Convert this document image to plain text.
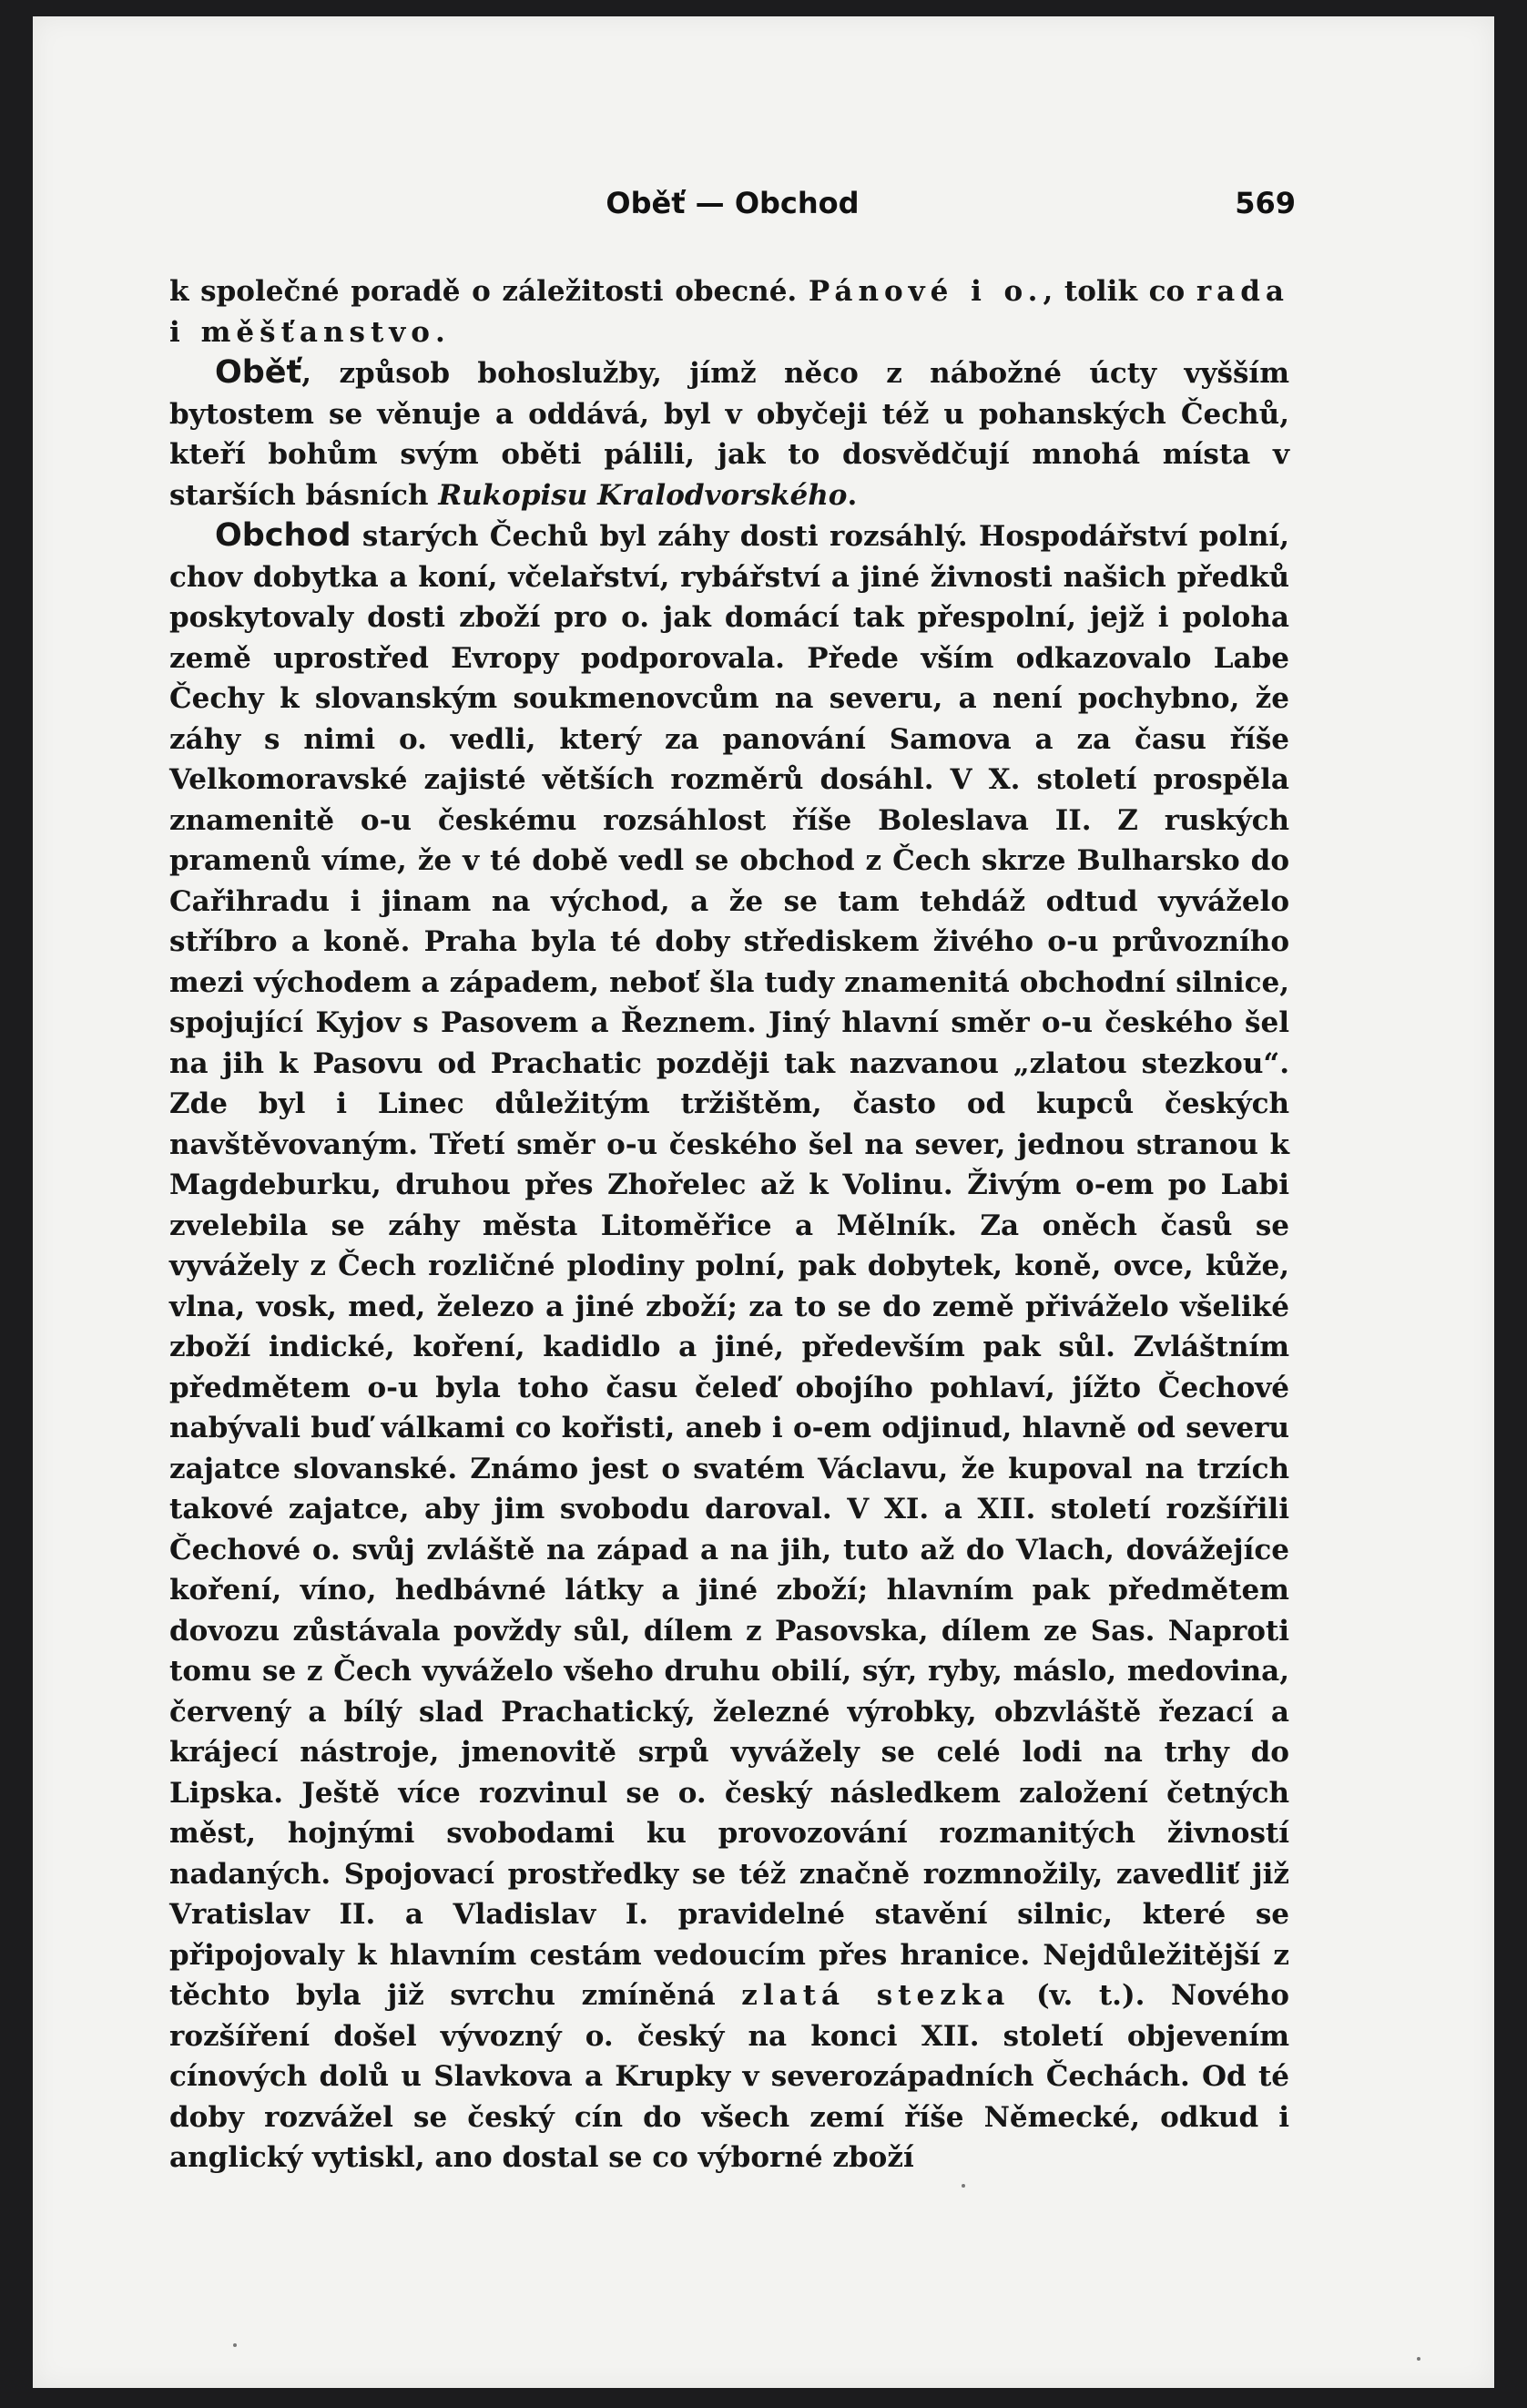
Oběť — Obchod	569

k společné poradě o záležitosti obecné. Pánové i o., tolik co rada i měšťanstvo.

Oběť, způsob bohoslužby, jímž něco z nábožné úcty vyšším bytostem se věnuje a oddává, byl v obyčeji též u pohanských Čechů, kteří bohům svým oběti pálili, jak to dosvědčují mnohá místa v starších básních Rukopisu Kralodvorského.

Obchod starých Čechů byl záhy dosti rozsáhlý. Hospodářství polní, chov dobytka a koní, včelařství, rybářství a jiné živnosti našich předků poskytovaly dosti zboží pro o. jak domácí tak přespolní, jejž i poloha země uprostřed Evropy podporovala. Přede vším odkazovalo Labe Čechy k slovanským soukmenovcům na severu, a není pochybno, že záhy s nimi o. vedli, který za panování Samova a za času říše Velkomoravské zajisté větších rozměrů dosáhl. V X. století prospěla znamenitě o-u českému rozsáhlost říše Boleslava II. Z ruských pramenů víme, že v té době vedl se obchod z Čech skrze Bulharsko do Cařihradu i jinam na východ, a že se tam tehdáž odtud vyváželo stříbro a koně. Praha byla té doby střediskem živého o-u průvozního mezi východem a západem, neboť šla tudy znamenitá obchodní silnice, spojující Kyjov s Pasovem a Řeznem. Jiný hlavní směr o-u českého šel na jih k Pasovu od Prachatic později tak nazvanou „zlatou stezkou“. Zde byl i Linec důležitým tržištěm, často od kupců českých navštěvovaným. Třetí směr o-u českého šel na sever, jednou stranou k Magdeburku, druhou přes Zhořelec až k Volinu. Živým o-em po Labi zvelebila se záhy města Litoměřice a Mělník. Za oněch časů se vyvážely z Čech rozličné plodiny polní, pak dobytek, koně, ovce, kůže, vlna, vosk, med, železo a jiné zboží; za to se do země přiváželo všeliké zboží indické, koření, kadidlo a jiné, především pak sůl. Zvláštním předmětem o-u byla toho času čeleď obojího pohlaví, jížto Čechové nabývali buď válkami co kořisti, aneb i o-em odjinud, hlavně od severu zajatce slovanské. Známo jest o svatém Václavu, že kupoval na trzích takové zajatce, aby jim svobodu daroval. V XI. a XII. století rozšířili Čechové o. svůj zvláště na západ a na jih, tuto až do Vlach, dovážejíce koření, víno, hedbávné látky a jiné zboží; hlavním pak předmětem dovozu zůstávala povždy sůl, dílem z Pasovska, dílem ze Sas. Naproti tomu se z Čech vyváželo všeho druhu obilí, sýr, ryby, máslo, medovina, červený a bílý slad Prachatický, železné výrobky, obzvláště řezací a krájecí nástroje, jmenovitě srpů vyvážely se celé lodi na trhy do Lipska. Ještě více rozvinul se o. český následkem založení četných měst, hojnými svobodami ku provozování rozmanitých živností nadaných. Spojovací prostředky se též značně rozmnožily, zavedliť již Vratislav II. a Vladislav I. pravidelné stavění silnic, které se připojovaly k hlavním cestám vedoucím přes hranice. Nejdůležitější z těchto byla již svrchu zmíněná zlatá stezka (v. t.). Nového rozšíření došel vývozný o. český na konci XII. století objevením cínových dolů u Slavkova a Krupky v severozápadních Čechách. Od té doby rozvážel se český cín do všech zemí říše Německé, odkud i anglický vytiskl, ano dostal se co výborné zboží
